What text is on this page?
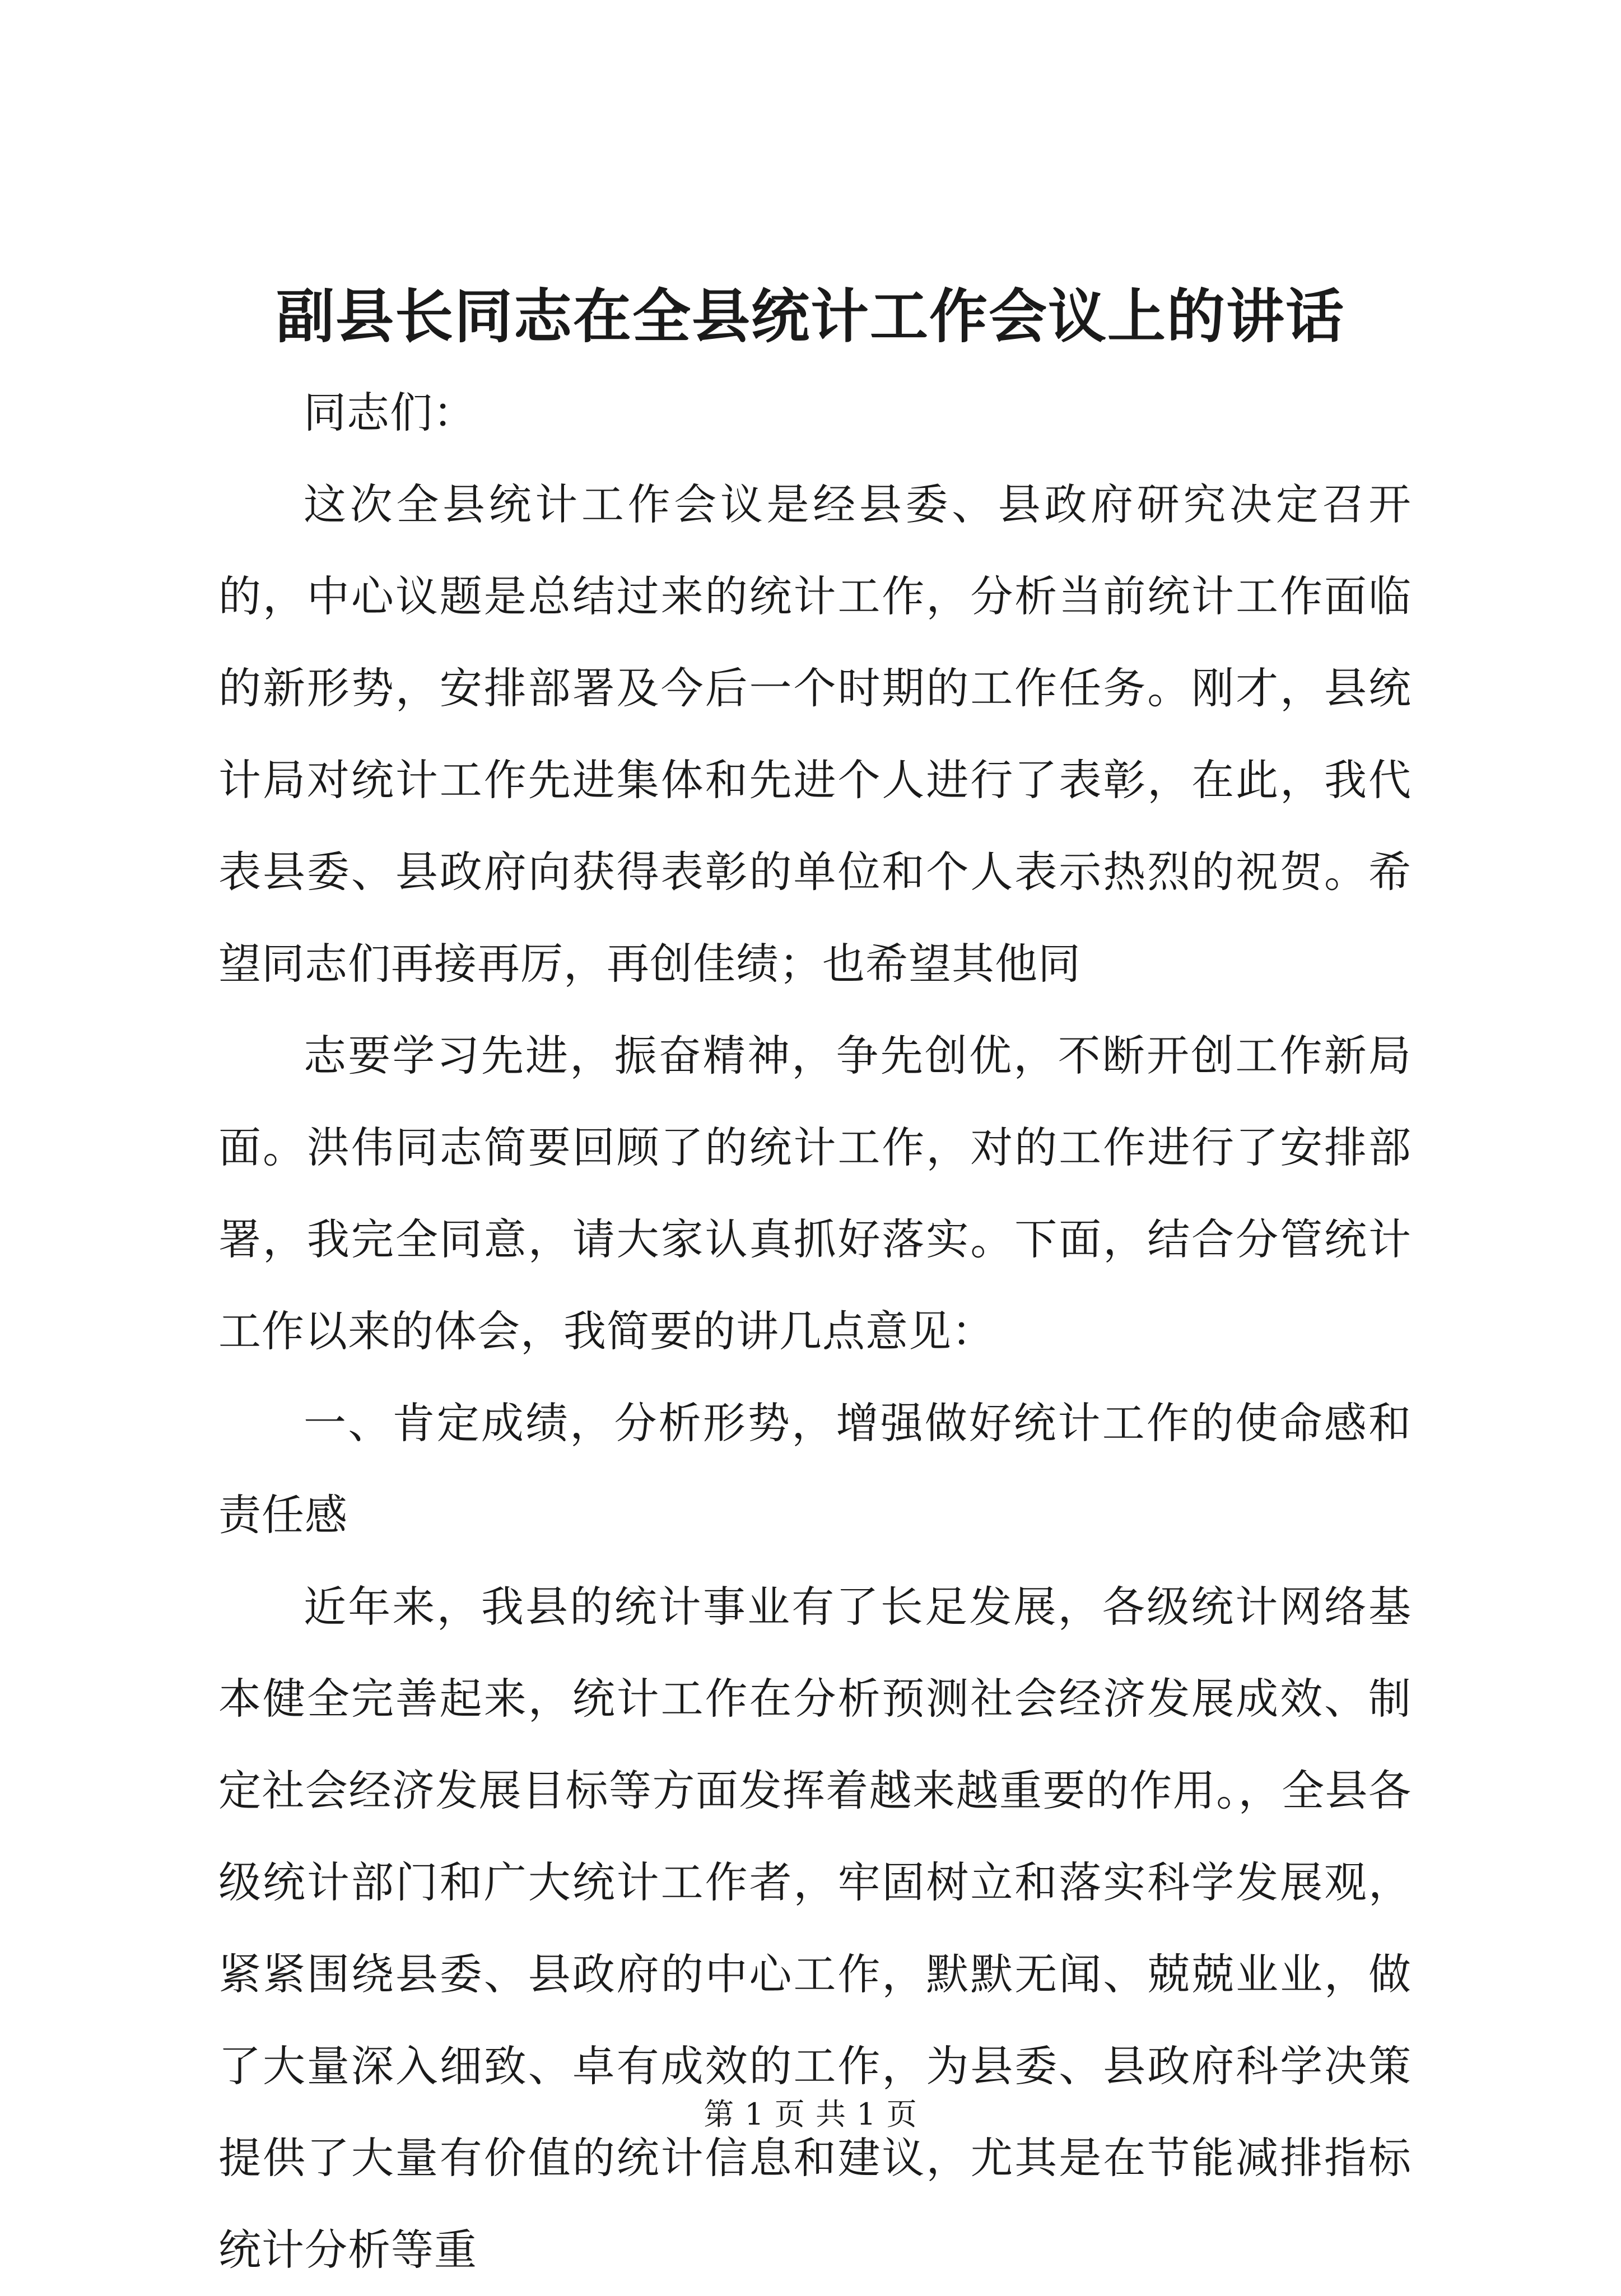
副县长同志在全县统计工作会议上的讲话

同志们：

这次全县统计工作会议是经县委、县政府研究决定召开的，中心议题是总结过来的统计工作，分析当前统计工作面临的新形势，安排部署及今后一个时期的工作任务。刚才，县统计局对统计工作先进集体和先进个人进行了表彰，在此，我代表县委、县政府向获得表彰的单位和个人表示热烈的祝贺。希望同志们再接再厉，再创佳绩；也希望其他同

志要学习先进，振奋精神，争先创优，不断开创工作新局面。洪伟同志简要回顾了的统计工作，对的工作进行了安排部署，我完全同意，请大家认真抓好落实。下面，结合分管统计工作以来的体会，我简要的讲几点意见：

一、肯定成绩，分析形势，增强做好统计工作的使命感和责任感

近年来，我县的统计事业有了长足发展，各级统计网络基本健全完善起来，统计工作在分析预测社会经济发展成效、制定社会经济发展目标等方面发挥着越来越重要的作用。，全县各级统计部门和广大统计工作者，牢固树立和落实科学发展观，紧紧围绕县委、县政府的中心工作，默默无闻、兢兢业业，做了大量深入细致、卓有成效的工作，为县委、县政府科学决策提供了大量有价值的统计信息和建议，尤其是在节能减排指标统计分析等重

第 1 页 共 1 页
